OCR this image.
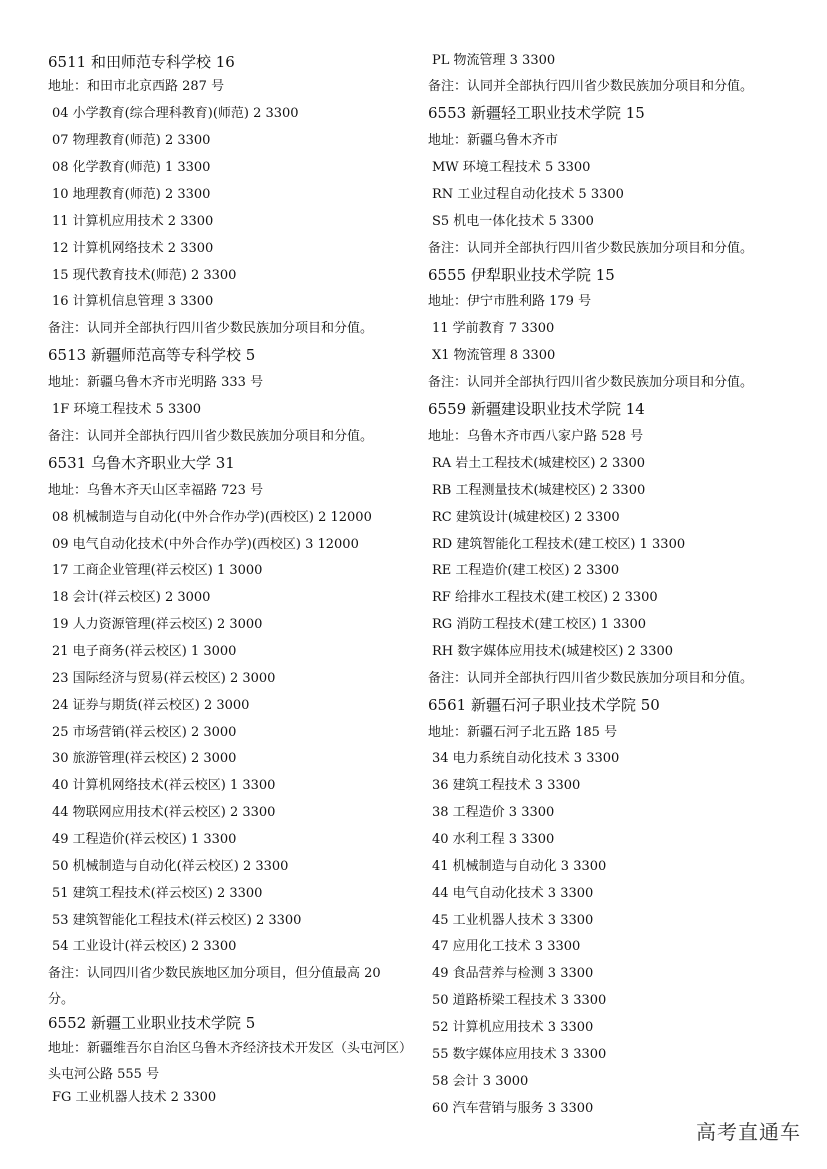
6511 和田师范专科学校 16
地址：和田市北京西路 287 号
04 小学教育(综合理科教育)(师范) 2 3300
07 物理教育(师范) 2 3300
08 化学教育(师范) 1 3300
10 地理教育(师范) 2 3300
11 计算机应用技术 2 3300
12 计算机网络技术 2 3300
15 现代教育技术(师范) 2 3300
16 计算机信息管理 3 3300
备注：认同并全部执行四川省少数民族加分项目和分值。
6513 新疆师范高等专科学校 5
地址：新疆乌鲁木齐市光明路 333 号
1F 环境工程技术 5 3300
备注：认同并全部执行四川省少数民族加分项目和分值。
6531 乌鲁木齐职业大学 31
地址：乌鲁木齐天山区幸福路 723 号
08 机械制造与自动化(中外合作办学)(西校区) 2 12000
09 电气自动化技术(中外合作办学)(西校区) 3 12000
17 工商企业管理(祥云校区) 1 3000
18 会计(祥云校区) 2 3000
19 人力资源管理(祥云校区) 2 3000
21 电子商务(祥云校区) 1 3000
23 国际经济与贸易(祥云校区) 2 3000
24 证券与期货(祥云校区) 2 3000
25 市场营销(祥云校区) 2 3000
30 旅游管理(祥云校区) 2 3000
40 计算机网络技术(祥云校区) 1 3300
44 物联网应用技术(祥云校区) 2 3300
49 工程造价(祥云校区) 1 3300
50 机械制造与自动化(祥云校区) 2 3300
51 建筑工程技术(祥云校区) 2 3300
53 建筑智能化工程技术(祥云校区) 2 3300
54 工业设计(祥云校区) 2 3300
备注：认同四川省少数民族地区加分项目，但分值最高 20 分。
6552 新疆工业职业技术学院 5
地址：新疆维吾尔自治区乌鲁木齐经济技术开发区（头屯河区）头屯河公路 555 号
FG 工业机器人技术 2 3300
PL 物流管理 3 3300
备注：认同并全部执行四川省少数民族加分项目和分值。
6553 新疆轻工职业技术学院 15
地址：新疆乌鲁木齐市
MW 环境工程技术 5 3300
RN 工业过程自动化技术 5 3300
S5 机电一体化技术 5 3300
备注：认同并全部执行四川省少数民族加分项目和分值。
6555 伊犁职业技术学院 15
地址：伊宁市胜利路 179 号
11 学前教育 7 3300
X1 物流管理 8 3300
备注：认同并全部执行四川省少数民族加分项目和分值。
6559 新疆建设职业技术学院 14
地址：乌鲁木齐市西八家户路 528 号
RA 岩土工程技术(城建校区) 2 3300
RB 工程测量技术(城建校区) 2 3300
RC 建筑设计(城建校区) 2 3300
RD 建筑智能化工程技术(建工校区) 1 3300
RE 工程造价(建工校区) 2 3300
RF 给排水工程技术(建工校区) 2 3300
RG 消防工程技术(建工校区) 1 3300
RH 数字媒体应用技术(城建校区) 2 3300
备注：认同并全部执行四川省少数民族加分项目和分值。
6561 新疆石河子职业技术学院 50
地址：新疆石河子北五路 185 号
34 电力系统自动化技术 3 3300
36 建筑工程技术 3 3300
38 工程造价 3 3300
40 水利工程 3 3300
41 机械制造与自动化 3 3300
44 电气自动化技术 3 3300
45 工业机器人技术 3 3300
47 应用化工技术 3 3300
49 食品营养与检测 3 3300
50 道路桥梁工程技术 3 3300
52 计算机应用技术 3 3300
55 数字媒体应用技术 3 3300
58 会计 3 3000
60 汽车营销与服务 3 3300
高考直通车
